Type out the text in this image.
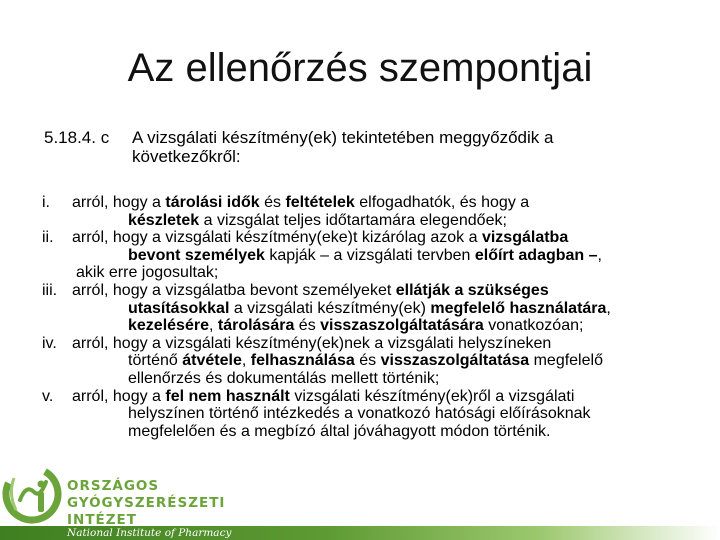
Az ellenőrzés szempontjai
5.18.4. c A vizsgálati készítmény(ek) tekintetében meggyőződik a
következőkről:
i. arról, hogy a tárolási idők és feltételek elfogadhatók, és hogy a
készletek a vizsgálat teljes időtartamára elegendőek;
ii. arról, hogy a vizsgálati készítmény(eke)t kizárólag azok a vizsgálatba
bevont személyek kapják – a vizsgálati tervben előírt adagban –,
akik erre jogosultak;
iii. arról, hogy a vizsgálatba bevont személyeket ellátják a szükséges
utasításokkal a vizsgálati készítmény(ek) megfelelő használatára,
kezelésére, tárolására és visszaszolgáltatására vonatkozóan;
iv. arról, hogy a vizsgálati készítmény(ek)nek a vizsgálati helyszíneken
történő átvétele, felhasználása és visszaszolgáltatása megfelelő
ellenőrzés és dokumentálás mellett történik;
v. arról, hogy a fel nem használt vizsgálati készítmény(ek)ről a vizsgálati
helyszínen történő intézkedés a vonatkozó hatósági előírásoknak
megfelelően és a megbízó által jóváhagyott módon történik.
ORSZÁGOS
GYÓGYSZERÉSZETI
INTÉZET
National Institute of Pharmacy
